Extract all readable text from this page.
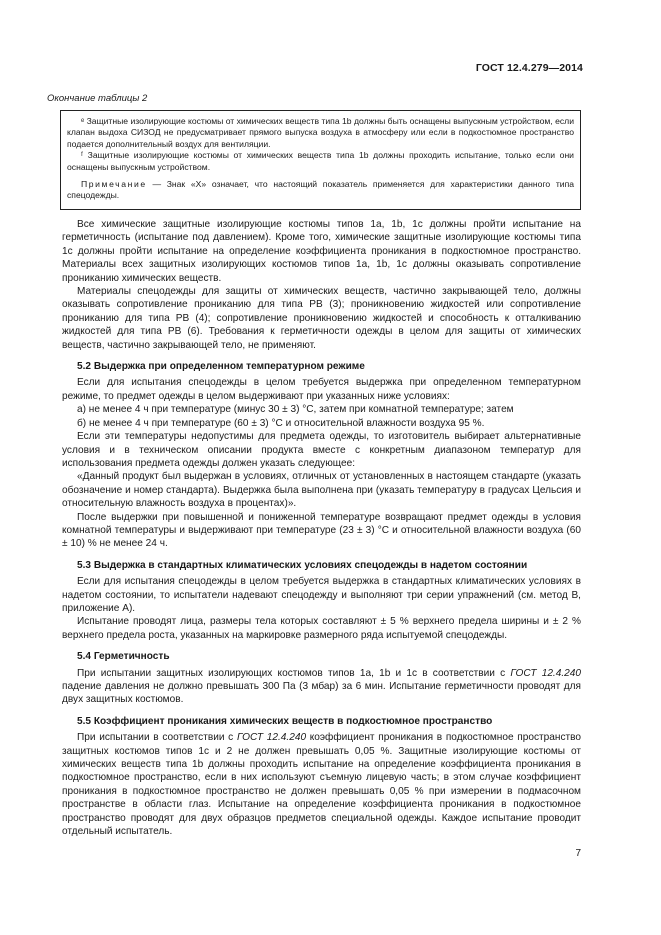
ГОСТ 12.4.279—2014
Окончание таблицы 2

ᵉ Защитные изолирующие костюмы от химических веществ типа 1b должны быть оснащены выпускным устройством, если клапан выдоха СИЗОД не предусматривает прямого выпуска воздуха в атмосферу или если в подкостюмное пространство подается дополнительный воздух для вентиляции.

ᶠ Защитные изолирующие костюмы от химических веществ типа 1b должны проходить испытание, только если они оснащены выпускным устройством.

Примечание — Знак «Х» означает, что настоящий показатель применяется для характеристики данного типа спецодежды.

Все химические защитные изолирующие костюмы типов 1a, 1b, 1c должны пройти испытание на герметичность (испытание под давлением). Кроме того, химические защитные изолирующие костюмы типа 1c должны пройти испытание на определение коэффициента проникания в подкостюмное пространство. Материалы всех защитных изолирующих костюмов типов 1a, 1b, 1c должны оказывать сопротивление прониканию химических веществ.

Материалы спецодежды для защиты от химических веществ, частично закрывающей тело, должны оказывать сопротивление прониканию для типа PB (3); проникновению жидкостей или сопротивление прониканию для типа PB (4); сопротивление проникновению жидкостей и способность к отталкиванию жидкостей для типа PB (6). Требования к герметичности одежды в целом для защиты от химических веществ, частично закрывающей тело, не применяют.

5.2 Выдержка при определенном температурном режиме

Если для испытания спецодежды в целом требуется выдержка при определенном температурном режиме, то предмет одежды в целом выдерживают при указанных ниже условиях:

а) не менее 4 ч при температуре (минус 30 ± 3) °С, затем при комнатной температуре; затем

б) не менее 4 ч при температуре (60 ± 3) °С и относительной влажности воздуха 95 %.

Если эти температуры недопустимы для предмета одежды, то изготовитель выбирает альтернативные условия и в техническом описании продукта вместе с конкретным диапазоном температур для использования предмета одежды должен указать следующее:

«Данный продукт был выдержан в условиях, отличных от установленных в настоящем стандарте (указать обозначение и номер стандарта). Выдержка была выполнена при (указать температуру в градусах Цельсия и относительную влажность воздуха в процентах)».

После выдержки при повышенной и пониженной температуре возвращают предмет одежды в условия комнатной температуры и выдерживают при температуре (23 ± 3) °С и относительной влажности воздуха (60 ± 10) % не менее 24 ч.

5.3 Выдержка в стандартных климатических условиях спецодежды в надетом состоянии

Если для испытания спецодежды в целом требуется выдержка в стандартных климатических условиях в надетом состоянии, то испытатели надевают спецодежду и выполняют три серии упражнений (см. метод В, приложение А).

Испытание проводят лица, размеры тела которых составляют ± 5 % верхнего предела ширины и ± 2 % верхнего предела роста, указанных на маркировке размерного ряда испытуемой спецодежды.

5.4 Герметичность

При испытании защитных изолирующих костюмов типов 1a, 1b и 1c в соответствии с ГОСТ 12.4.240 падение давления не должно превышать 300 Па (3 мбар) за 6 мин. Испытание герметичности проводят для двух защитных костюмов.

5.5 Коэффициент проникания химических веществ в подкостюмное пространство

При испытании в соответствии с ГОСТ 12.4.240 коэффициент проникания в подкостюмное пространство защитных костюмов типов 1c и 2 не должен превышать 0,05 %. Защитные изолирующие костюмы от химических веществ типа 1b должны проходить испытание на определение коэффициента проникания в подкостюмное пространство, если в них используют съемную лицевую часть; в этом случае коэффициент проникания в подкостюмное пространство не должен превышать 0,05 % при измерении в подмасочном пространстве в области глаз. Испытание на определение коэффициента проникания в подкостюмное пространство проводят для двух образцов предметов специальной одежды. Каждое испытание проводит отдельный испытатель.

7
